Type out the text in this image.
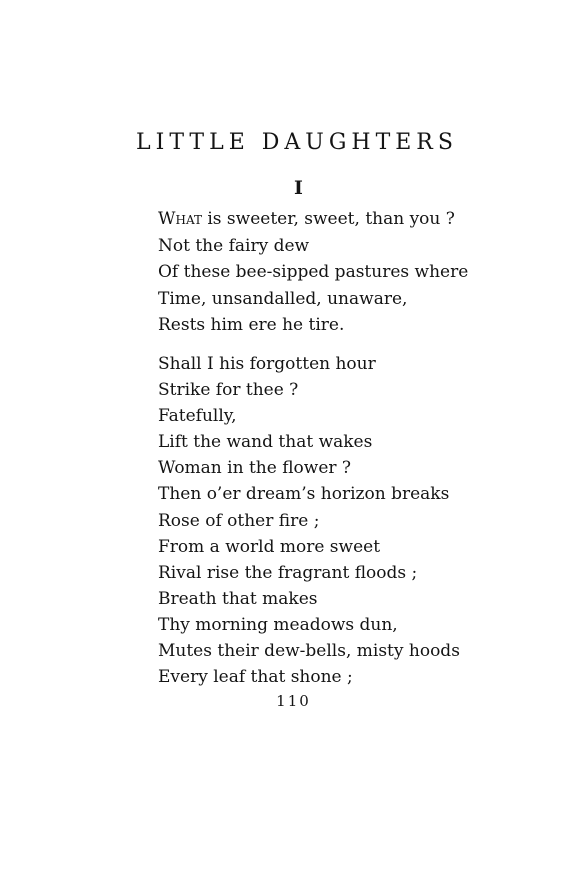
LITTLE DAUGHTERS
I
What is sweeter, sweet, than you ?
Not the fairy dew
Of these bee-sipped pastures where
Time, unsandalled, unaware,
Rests him ere he tire.
Shall I his forgotten hour
Strike for thee ?
Fatefully,
Lift the wand that wakes
Woman in the flower ?
Then o’er dream’s horizon breaks
Rose of other fire ;
From a world more sweet
Rival rise the fragrant floods ;
Breath that makes
Thy morning meadows dun,
Mutes their dew-bells, misty hoods
Every leaf that shone ;
110
